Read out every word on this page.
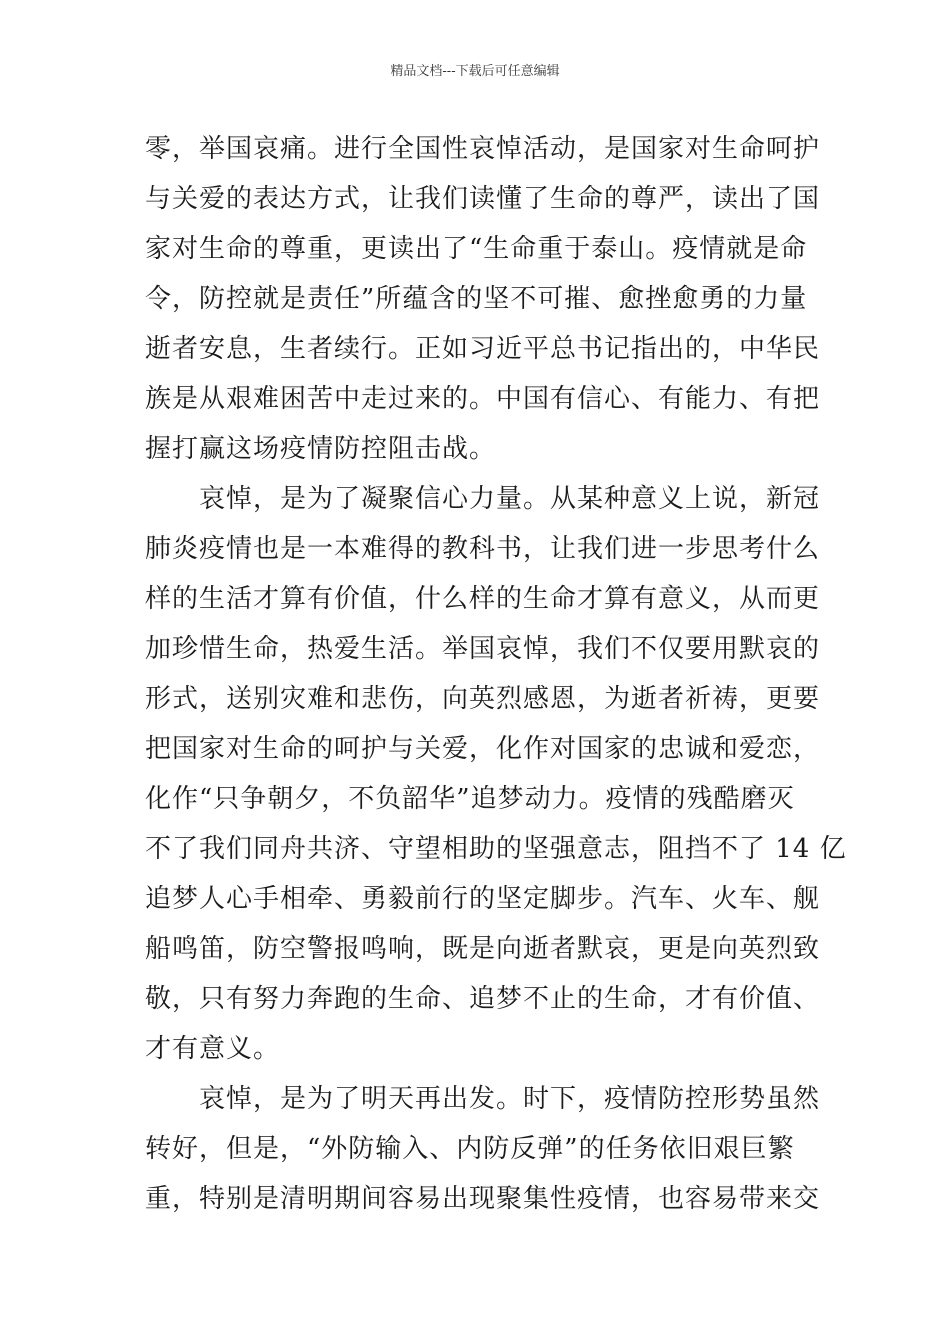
精品文档---下载后可任意编辑
零，举国哀痛。进行全国性哀悼活动，是国家对生命呵护
与关爱的表达方式，让我们读懂了生命的尊严，读出了国
家对生命的尊重，更读出了“生命重于泰山。疫情就是命
令，防控就是责任”所蕴含的坚不可摧、愈挫愈勇的力量
逝者安息，生者续行。正如习近平总书记指出的，中华民
族是从艰难困苦中走过来的。中国有信心、有能力、有把
握打赢这场疫情防控阻击战。
哀悼，是为了凝聚信心力量。从某种意义上说，新冠
肺炎疫情也是一本难得的教科书，让我们进一步思考什么
样的生活才算有价值，什么样的生命才算有意义，从而更
加珍惜生命，热爱生活。举国哀悼，我们不仅要用默哀的
形式，送别灾难和悲伤，向英烈感恩，为逝者祈祷，更要
把国家对生命的呵护与关爱，化作对国家的忠诚和爱恋，
化作“只争朝夕，不负韶华”追梦动力。疫情的残酷磨灭
不了我们同舟共济、守望相助的坚强意志，阻挡不了 14 亿
追梦人心手相牵、勇毅前行的坚定脚步。汽车、火车、舰
船鸣笛，防空警报鸣响，既是向逝者默哀，更是向英烈致
敬，只有努力奔跑的生命、追梦不止的生命，才有价值、
才有意义。
哀悼，是为了明天再出发。时下，疫情防控形势虽然
转好，但是，“外防输入、内防反弹”的任务依旧艰巨繁
重，特别是清明期间容易出现聚集性疫情，也容易带来交
